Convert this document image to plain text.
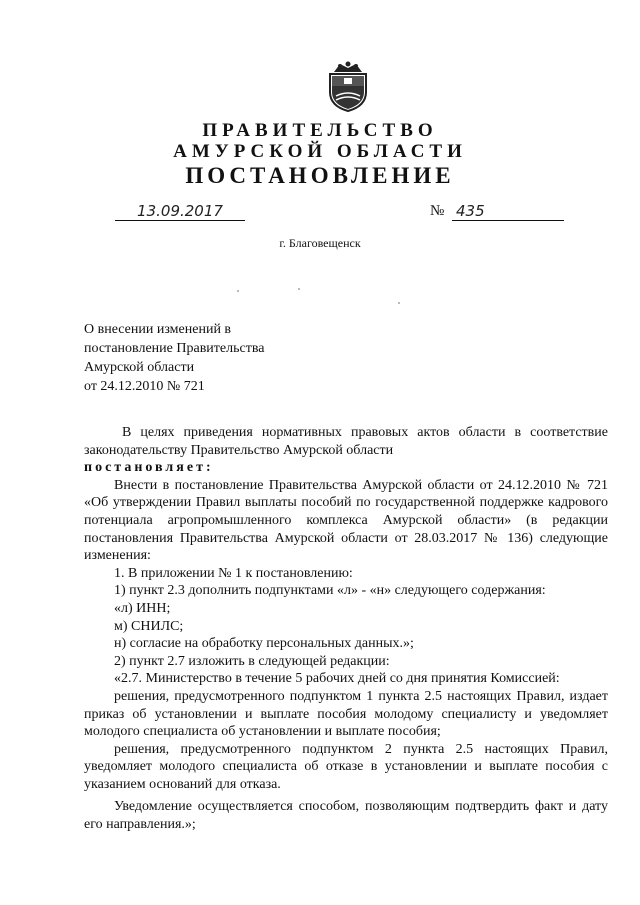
ПРАВИТЕЛЬСТВО
АМУРСКОЙ ОБЛАСТИ
ПОСТАНОВЛЕНИЕ
13.09.2017	№ 435
г. Благовещенск
О внесении изменений в
постановление Правительства
Амурской области
от 24.12.2010 № 721

В целях приведения нормативных правовых актов области в соответствие законодательству Правительство Амурской области

постановляет:

Внести в постановление Правительства Амурской области от 24.12.2010 № 721 «Об утверждении Правил выплаты пособий по государственной поддержке кадрового потенциала агропромышленного комплекса Амурской области» (в редакции постановления Правительства Амурской области от 28.03.2017 № 136) следующие изменения:

1. В приложении № 1 к постановлению:

1) пункт 2.3 дополнить подпунктами «л» - «н» следующего содержания:

«л) ИНН;

м) СНИЛС;

н) согласие на обработку персональных данных.»;

2) пункт 2.7 изложить в следующей редакции:

«2.7. Министерство в течение 5 рабочих дней со дня принятия Комиссией:

решения, предусмотренного подпунктом 1 пункта 2.5 настоящих Правил, издает приказ об установлении и выплате пособия молодому специалисту и уведомляет молодого специалиста об установлении и выплате пособия;

решения, предусмотренного подпунктом 2 пункта 2.5 настоящих Правил, уведомляет молодого специалиста об отказе в установлении и выплате пособия с указанием оснований для отказа.

Уведомление осуществляется способом, позволяющим подтвердить факт и дату его направления.»;
